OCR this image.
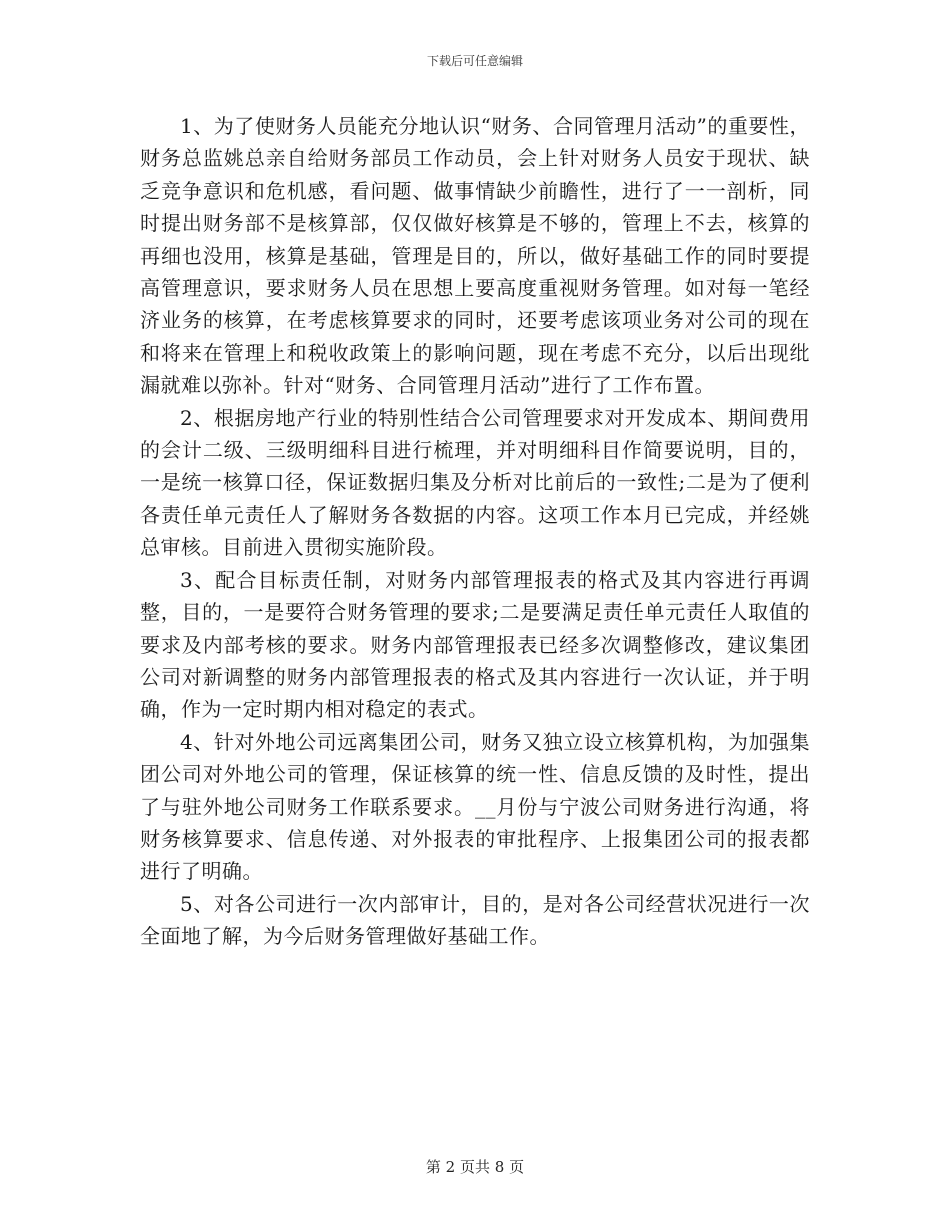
下载后可任意编辑

1、为了使财务人员能充分地认识“财务、合同管理月活动”的重要性，财务总监姚总亲自给财务部员工作动员，会上针对财务人员安于现状、缺乏竞争意识和危机感，看问题、做事情缺少前瞻性，进行了一一剖析，同时提出财务部不是核算部，仅仅做好核算是不够的，管理上不去，核算的再细也没用，核算是基础，管理是目的，所以，做好基础工作的同时要提高管理意识，要求财务人员在思想上要高度重视财务管理。如对每一笔经济业务的核算，在考虑核算要求的同时，还要考虑该项业务对公司的现在和将来在管理上和税收政策上的影响问题，现在考虑不充分，以后出现纰漏就难以弥补。针对“财务、合同管理月活动”进行了工作布置。

2、根据房地产行业的特别性结合公司管理要求对开发成本、期间费用的会计二级、三级明细科目进行梳理，并对明细科目作简要说明，目的，一是统一核算口径，保证数据归集及分析对比前后的一致性;二是为了便利各责任单元责任人了解财务各数据的内容。这项工作本月已完成，并经姚总审核。目前进入贯彻实施阶段。

3、配合目标责任制，对财务内部管理报表的格式及其内容进行再调整，目的，一是要符合财务管理的要求;二是要满足责任单元责任人取值的要求及内部考核的要求。财务内部管理报表已经多次调整修改，建议集团公司对新调整的财务内部管理报表的格式及其内容进行一次认证，并于明确，作为一定时期内相对稳定的表式。

4、针对外地公司远离集团公司，财务又独立设立核算机构，为加强集团公司对外地公司的管理，保证核算的统一性、信息反馈的及时性，提出了与驻外地公司财务工作联系要求。__月份与宁波公司财务进行沟通，将财务核算要求、信息传递、对外报表的审批程序、上报集团公司的报表都进行了明确。

5、对各公司进行一次内部审计，目的，是对各公司经营状况进行一次全面地了解，为今后财务管理做好基础工作。

第 2 页共 8 页
